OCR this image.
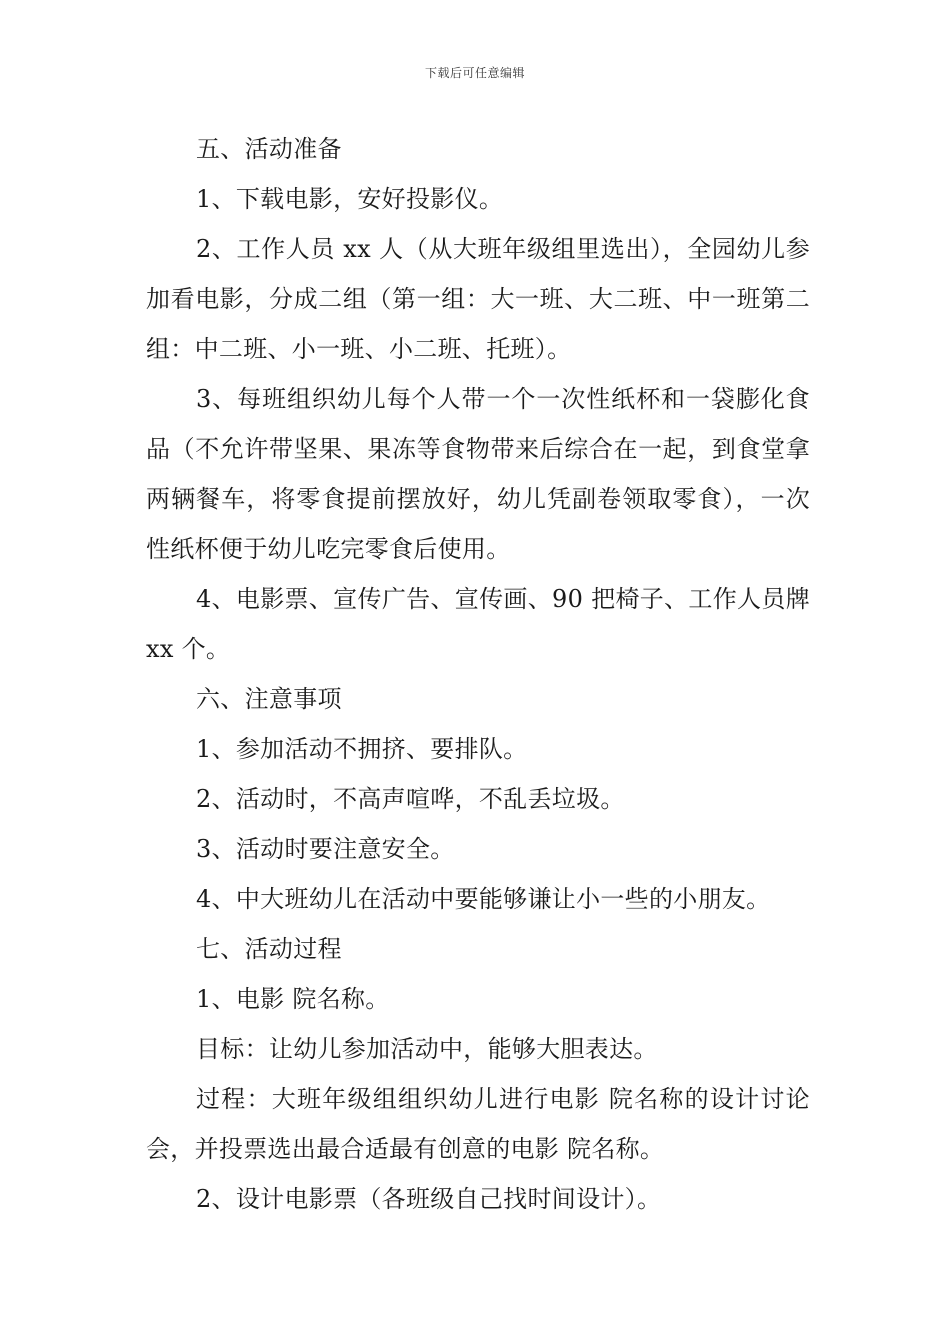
下载后可任意编辑

五、活动准备

1、下载电影，安好投影仪。

2、工作人员 xx 人（从大班年级组里选出），全园幼儿参加看电影，分成二组（第一组：大一班、大二班、中一班第二组：中二班、小一班、小二班、托班）。

3、每班组织幼儿每个人带一个一次性纸杯和一袋膨化食品（不允许带坚果、果冻等食物带来后综合在一起，到食堂拿两辆餐车，将零食提前摆放好，幼儿凭副卷领取零食），一次性纸杯便于幼儿吃完零食后使用。

4、电影票、宣传广告、宣传画、90 把椅子、工作人员牌 xx 个。

六、注意事项

1、参加活动不拥挤、要排队。

2、活动时，不高声喧哗，不乱丢垃圾。

3、活动时要注意安全。

4、中大班幼儿在活动中要能够谦让小一些的小朋友。

七、活动过程

1、电影 院名称。

目标：让幼儿参加活动中，能够大胆表达。

过程：大班年级组组织幼儿进行电影 院名称的设计讨论会，并投票选出最合适最有创意的电影 院名称。

2、设计电影票（各班级自己找时间设计）。
